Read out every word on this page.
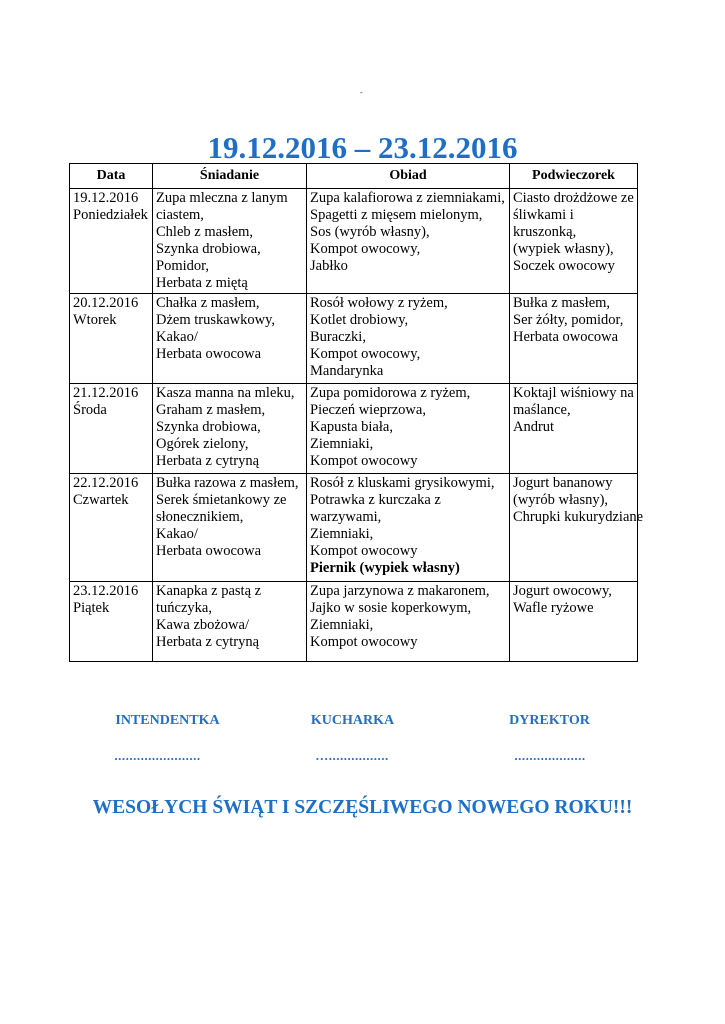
-
19.12.2016 – 23.12.2016
Data	Śniadanie	Obiad	Podwieczorek

19.12.2016
Poniedziałek	Zupa mleczna z lanym ciastem,
Chleb z masłem,
Szynka drobiowa,
Pomidor,
Herbata z miętą	Zupa kalafiorowa z ziemniakami,
Spagetti z mięsem mielonym,
Sos (wyrób własny),
Kompot owocowy,
Jabłko	Ciasto drożdżowe ze śliwkami i kruszonką,
(wypiek własny),
Soczek owocowy

20.12.2016
Wtorek	Chałka z masłem,
Dżem truskawkowy,
Kakao/
Herbata owocowa	Rosół wołowy z ryżem,
Kotlet drobiowy,
Buraczki,
Kompot owocowy,
Mandarynka	Bułka z masłem,
Ser żółty, pomidor,
Herbata owocowa

21.12.2016
Środa	Kasza manna na mleku,
Graham z masłem,
Szynka drobiowa,
Ogórek zielony,
Herbata z cytryną	Zupa pomidorowa z ryżem,
Pieczeń wieprzowa,
Kapusta biała,
Ziemniaki,
Kompot owocowy	Koktajl wiśniowy na maślance,
Andrut

22.12.2016
Czwartek	Bułka razowa z masłem,
Serek śmietankowy ze słonecznikiem,
Kakao/
Herbata owocowa	Rosół z kluskami grysikowymi,
Potrawka z kurczaka z warzywami,
Ziemniaki,
Kompot owocowy
Piernik (wypiek własny)	Jogurt bananowy
(wyrób własny),
Chrupki kukurydziane

23.12.2016
Piątek	Kanapka z pastą z tuńczyka,
Kawa zbożowa/
Herbata z cytryną	Zupa jarzynowa z makaronem,
Jajko w sosie koperkowym,
Ziemniaki,
Kompot owocowy	Jogurt owocowy,
Wafle ryżowe
INTENDENTKA	KUCHARKA	DYREKTOR
.......................	…................	...................
WESOŁYCH ŚWIĄT I SZCZĘŚLIWEGO NOWEGO ROKU!!!
